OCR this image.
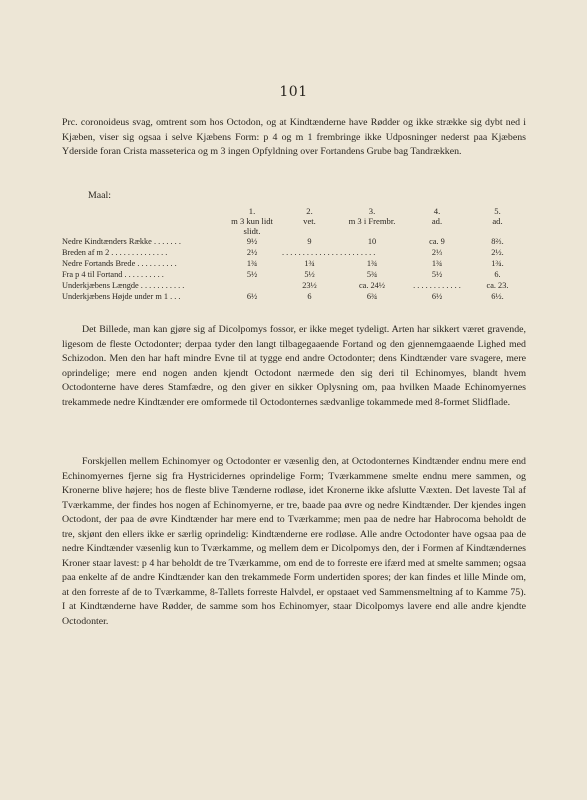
101

Prc. coronoideus svag, omtrent som hos Octodon, og at Kindtænderne have Rødder og ikke strække sig dybt ned i Kjæben, viser sig ogsaa i selve Kjæbens Form: p 4 og m 1 frembringe ikke Udposninger nederst paa Kjæbens Yderside foran Crista masseterica og m 3 ingen Opfyldning over Fortandens Grube bag Tandrækken.

Maal:
	1.	2.	3.	4.	5.
	m 3 kun lidt slidt.	vet.	m 3 i Frembr.	ad.	ad.
Nedre Kindtænders Række . . . . . . .	9½	9	10	ca. 9	8⅔.
Breden af m 2 . . . . . . . . . . . . . .	2½	. . . . . . . . . . . . . . . . . . . . . . .		2⅓	2½.
Nedre Fortands Brede . . . . . . . . . .	1¾	1¾	1¾	1¾	1¾.
Fra p 4 til Fortand . . . . . . . . . .	5½	5½	5¾	5½	6.
Underkjæbens Længde . . . . . . . . . . .		23½	ca. 24½	. . . . . . . . . . . .	ca. 23.
Underkjæbens Højde under m 1 . . .	6½	6	6¾	6½	6½.

Det Billede, man kan gjøre sig af Dicolpomys fossor, er ikke meget tydeligt. Arten har sikkert været gravende, ligesom de fleste Octodonter; derpaa tyder den langt tilbagegaaende Fortand og den gjennemgaaende Lighed med Schizodon. Men den har haft mindre Evne til at tygge end andre Octodonter; dens Kindtænder vare svagere, mere oprindelige; mere end nogen anden kjendt Octodont nærmede den sig deri til Echinomyes, blandt hvem Octodonterne have deres Stamfædre, og den giver en sikker Oplysning om, paa hvilken Maade Echinomyernes trekammede nedre Kindtænder ere omformede til Octodonternes sædvanlige tokammede med 8-formet Slidflade.

Forskjellen mellem Echinomyer og Octodonter er væsenlig den, at Octodonternes Kindtænder endnu mere end Echinomyernes fjerne sig fra Hystricidernes oprindelige Form; Tværkammene smelte endnu mere sammen, og Kronerne blive højere; hos de fleste blive Tænderne rodløse, idet Kronerne ikke afslutte Væxten. Det laveste Tal af Tværkamme, der findes hos nogen af Echinomyerne, er tre, baade paa øvre og nedre Kindtænder. Der kjendes ingen Octodont, der paa de øvre Kindtænder har mere end to Tværkamme; men paa de nedre har Habrocoma beholdt de tre, skjønt den ellers ikke er særlig oprindelig: Kindtænderne ere rodløse. Alle andre Octodonter have ogsaa paa de nedre Kindtænder væsenlig kun to Tværkamme, og mellem dem er Dicolpomys den, der i Formen af Kindtændernes Kroner staar lavest: p 4 har beholdt de tre Tværkamme, om end de to forreste ere ifærd med at smelte sammen; ogsaa paa enkelte af de andre Kindtænder kan den trekammede Form undertiden spores; der kan findes et lille Minde om, at den forreste af de to Tværkamme, 8-Tallets forreste Halvdel, er opstaaet ved Sammensmeltning af to Kamme 75). I at Kindtænderne have Rødder, de samme som hos Echinomyer, staar Dicolpomys lavere end alle andre kjendte Octodonter.
